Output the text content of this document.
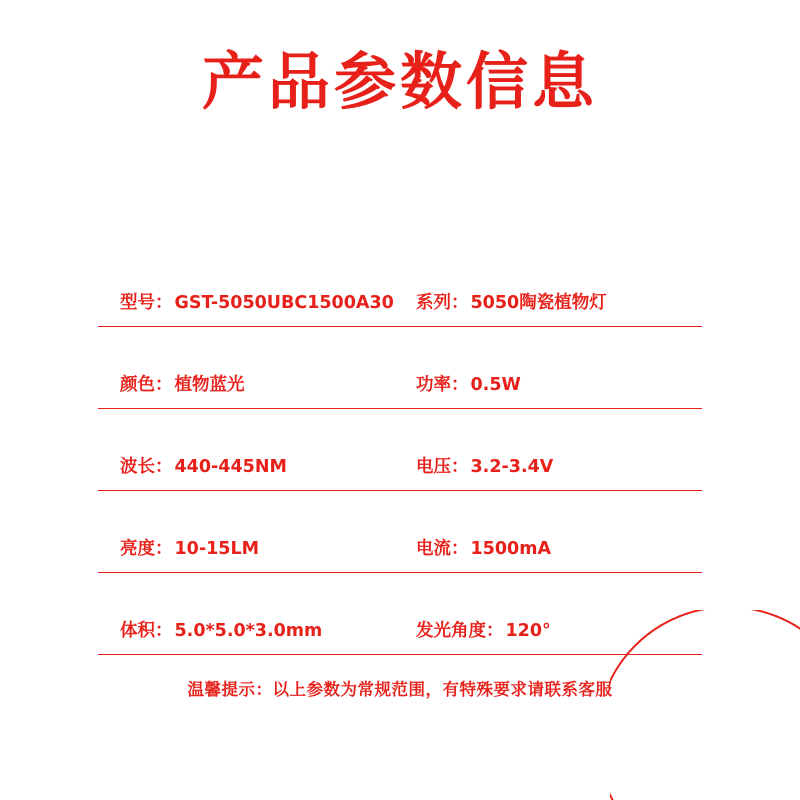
产品参数信息
型号： GST-5050UBC1500A30 系列： 5050陶瓷植物灯
颜色： 植物蓝光	功率： 0.5W
波长： 440-445NM	电压： 3.2-3.4V
亮度： 10-15LM	电流： 1500mA
体积： 5.0*5.0*3.0mm	发光角度： 120°
温馨提示：以上参数为常规范围，有特殊要求请联系客服
